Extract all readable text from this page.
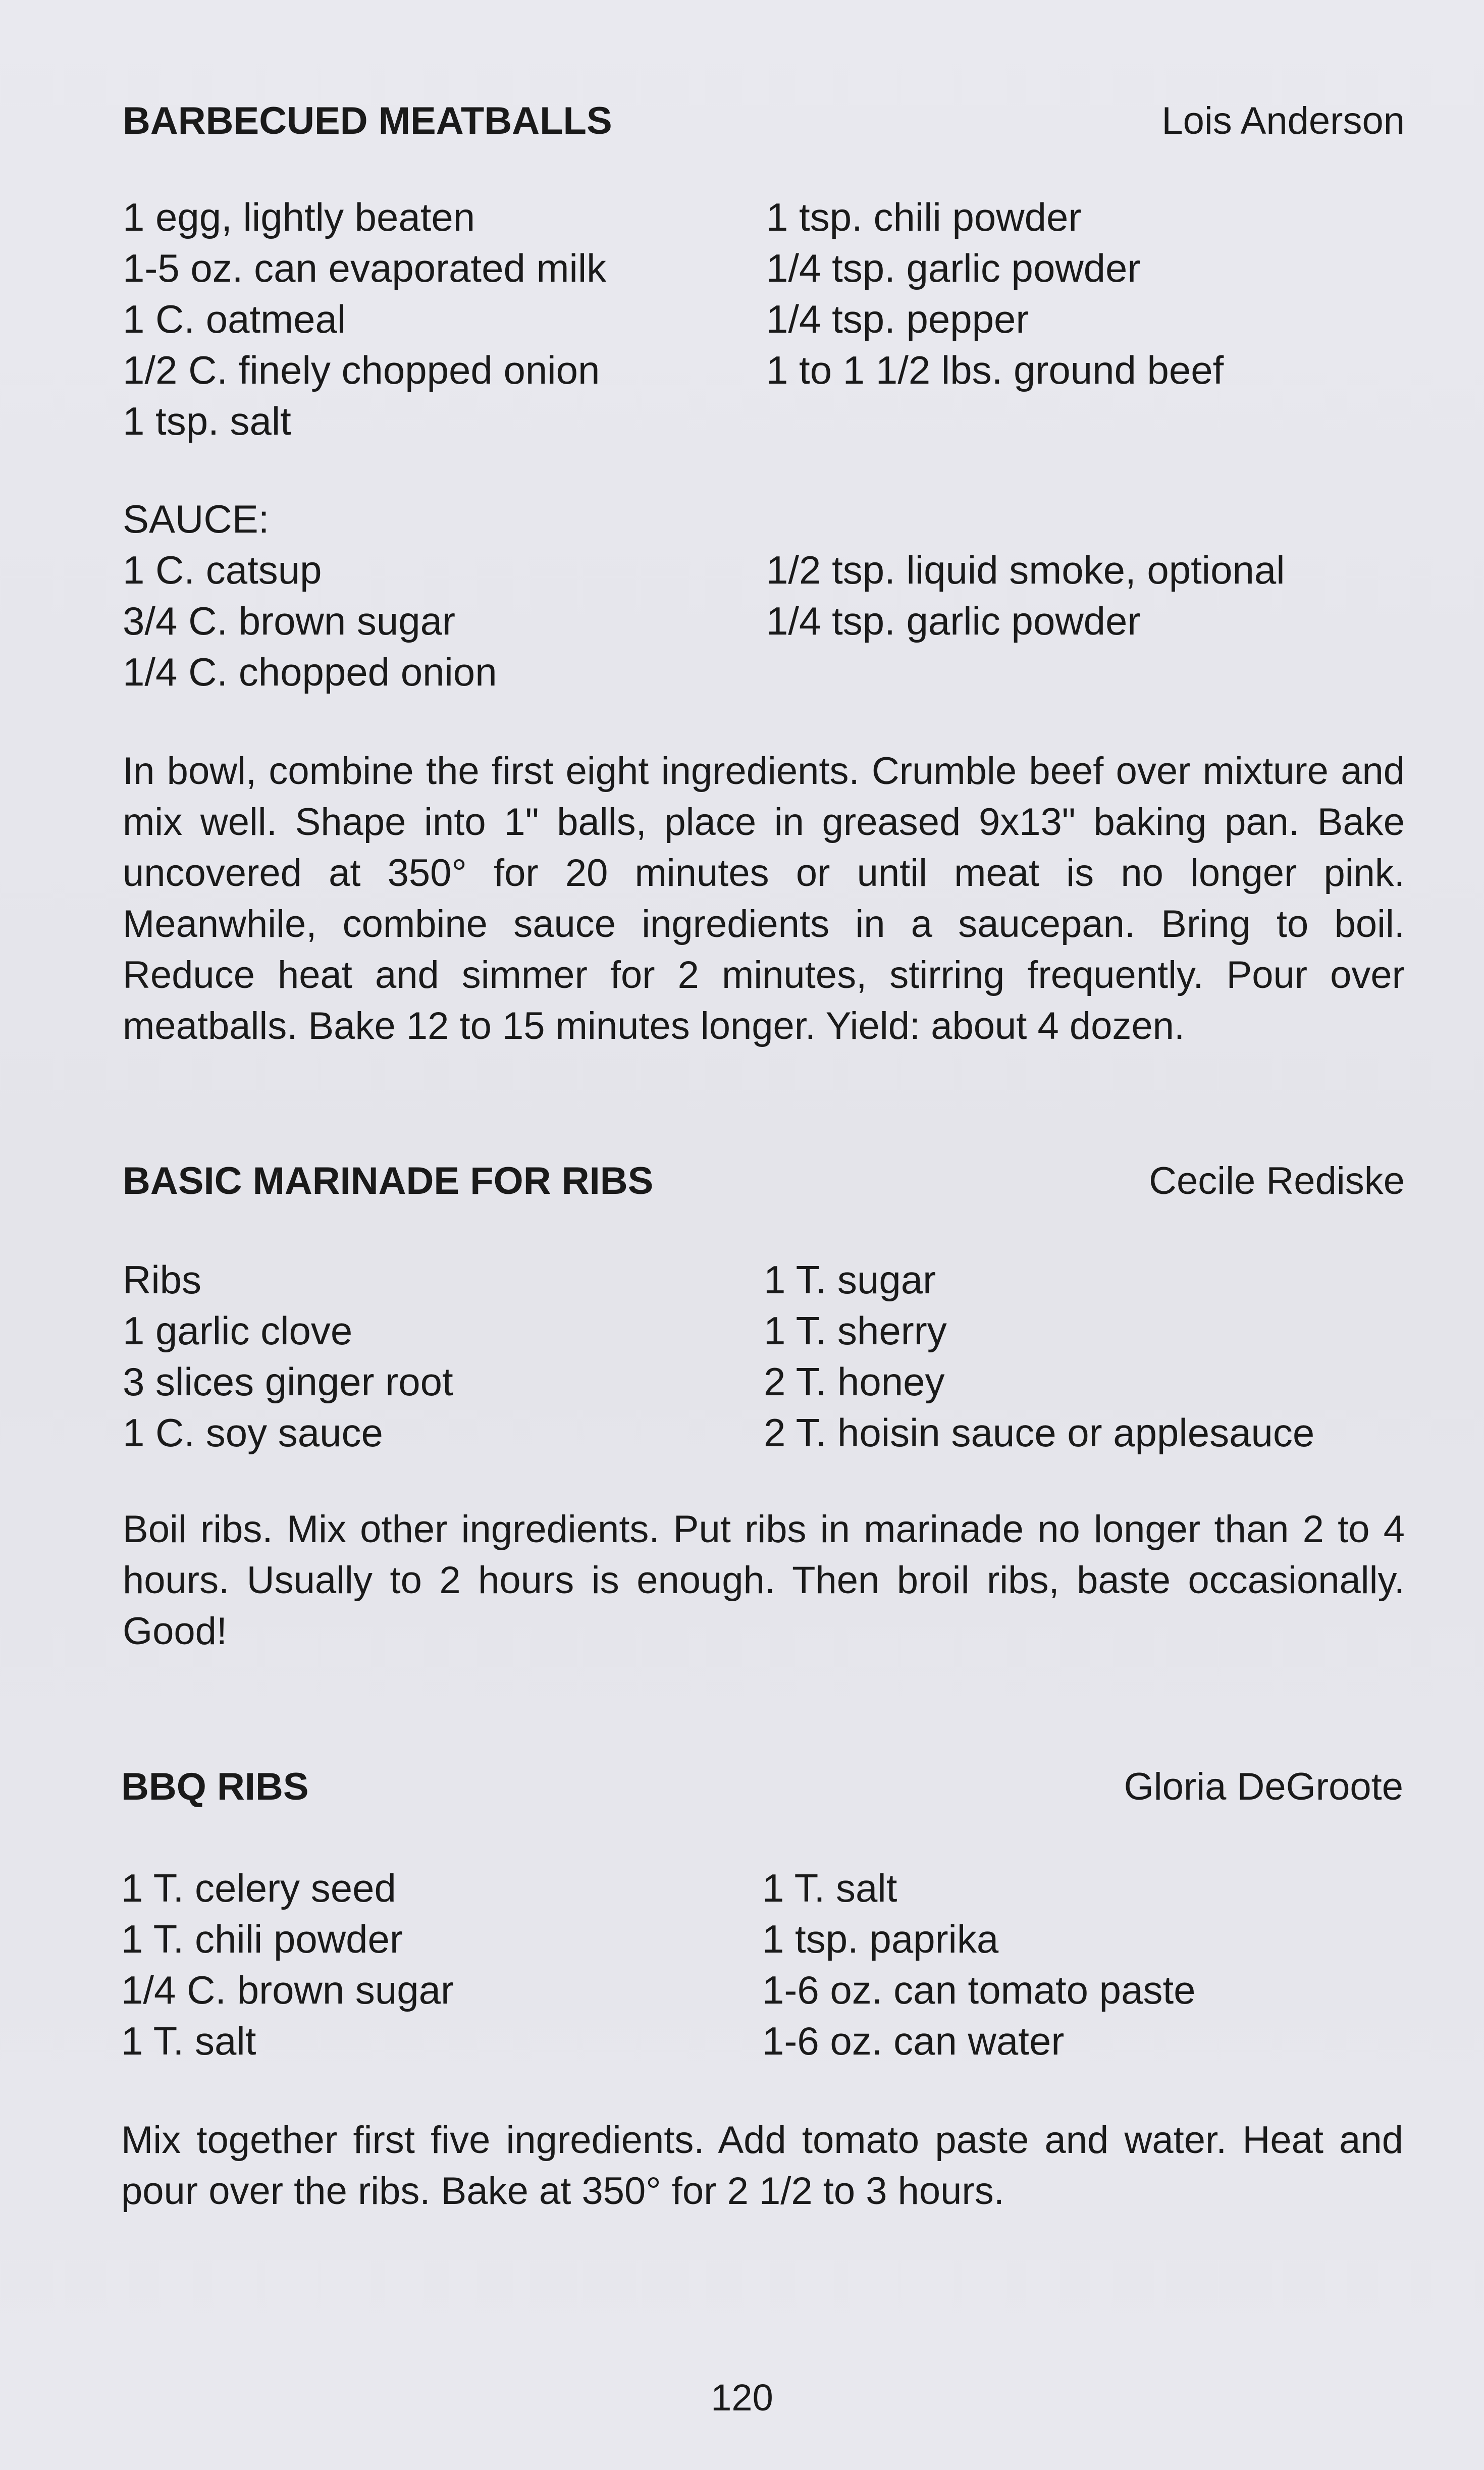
BARBECUED MEATBALLS	Lois Anderson
1 egg, lightly beaten
1-5 oz. can evaporated milk
1 C. oatmeal
1/2 C. finely chopped onion
1 tsp. salt
1 tsp. chili powder
1/4 tsp. garlic powder
1/4 tsp. pepper
1 to 1 1/2 lbs. ground beef
SAUCE:
1 C. catsup
3/4 C. brown sugar
1/4 C. chopped onion
1/2 tsp. liquid smoke, optional
1/4 tsp. garlic powder
In bowl, combine the first eight ingredients. Crumble beef over mixture and mix well. Shape into 1" balls, place in greased 9x13" baking pan. Bake uncovered at 350° for 20 minutes or until meat is no longer pink. Meanwhile, combine sauce ingredients in a saucepan. Bring to boil. Reduce heat and simmer for 2 minutes, stirring frequently. Pour over meatballs. Bake 12 to 15 minutes longer. Yield: about 4 dozen.
BASIC MARINADE FOR RIBS	Cecile Rediske
Ribs
1 garlic clove
3 slices ginger root
1 C. soy sauce
1 T. sugar
1 T. sherry
2 T. honey
2 T. hoisin sauce or applesauce
Boil ribs. Mix other ingredients. Put ribs in marinade no longer than 2 to 4 hours. Usually to 2 hours is enough. Then broil ribs, baste occasionally. Good!
BBQ RIBS	Gloria DeGroote
1 T. celery seed
1 T. chili powder
1/4 C. brown sugar
1 T. salt
1 T. salt
1 tsp. paprika
1-6 oz. can tomato paste
1-6 oz. can water
Mix together first five ingredients. Add tomato paste and water. Heat and pour over the ribs. Bake at 350° for 2 1/2 to 3 hours.
120
